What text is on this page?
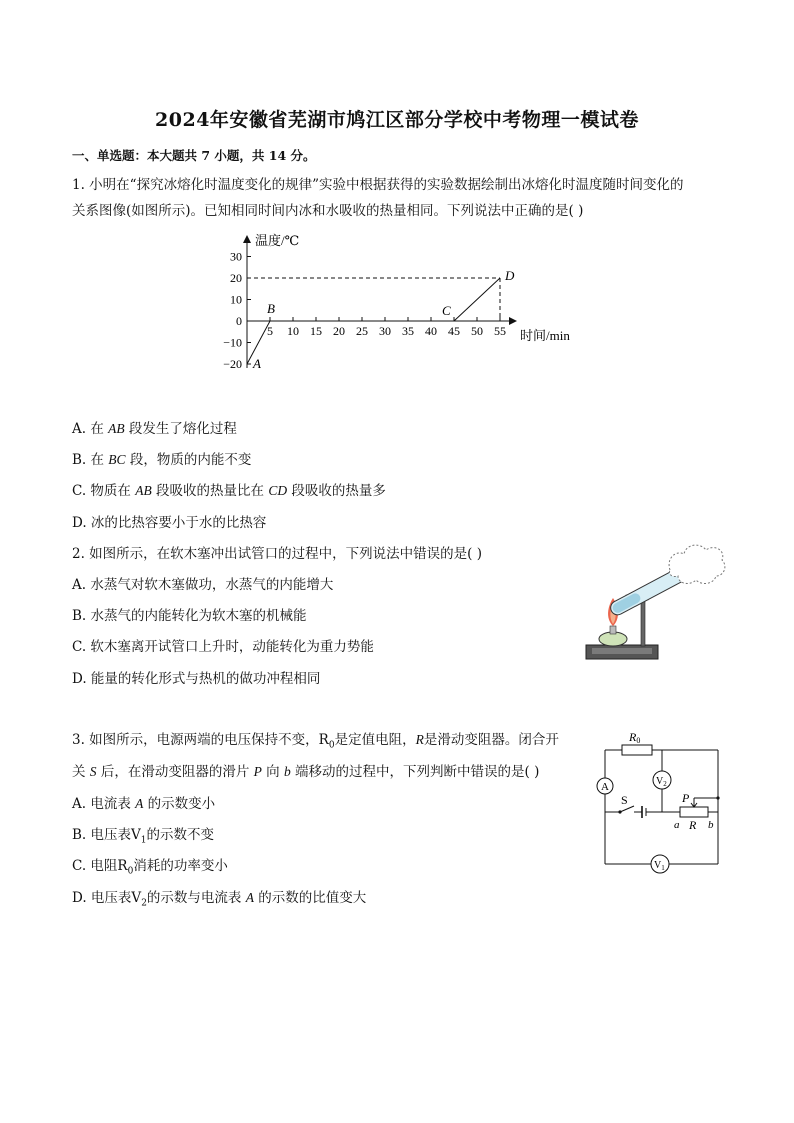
2024年安徽省芜湖市鸠江区部分学校中考物理一模试卷
一、单选题：本大题共 7 小题，共 14 分。

1. 小明在“探究冰熔化时温度变化的规律”实验中根据获得的实验数据绘制出冰熔化时温度随时间变化的

关系图像(如图所示)。已知相同时间内冰和水吸收的热量相同。下列说法中正确的是( )

温度/℃
时间/min
5 10 15 20 25 30 35 40 45 50 55
30
20
10
0
−10
−20 A
B	C
D
A. 在 AB 段发生了熔化过程
B. 在 BC 段，物质的内能不变
C. 物质在 AB 段吸收的热量比在 CD 段吸收的热量多
D. 冰的比热容要小于水的比热容
2. 如图所示，在软木塞冲出试管口的过程中，下列说法中错误的是( )
A. 水蒸气对软木塞做功，水蒸气的内能增大
B. 水蒸气的内能转化为软木塞的机械能
C. 软木塞离开试管口上升时，动能转化为重力势能
D. 能量的转化形式与热机的做功冲程相同

3. 如图所示，电源两端的电压保持不变，$R_0$是定值电阻，R是滑动变阻器。闭合开

关 S 后，在滑动变阻器的滑片 P 向 b 端移动的过程中，下列判断中错误的是( )

A. 电流表 A 的示数变小
B. 电压表$V_1$的示数不变
C. 电阻$R_0$消耗的功率变小
D. 电压表$V_2$的示数与电流表 A 的示数的比值变大
A	$V_2$
$V_1$
R0
S	P
R
a	b
